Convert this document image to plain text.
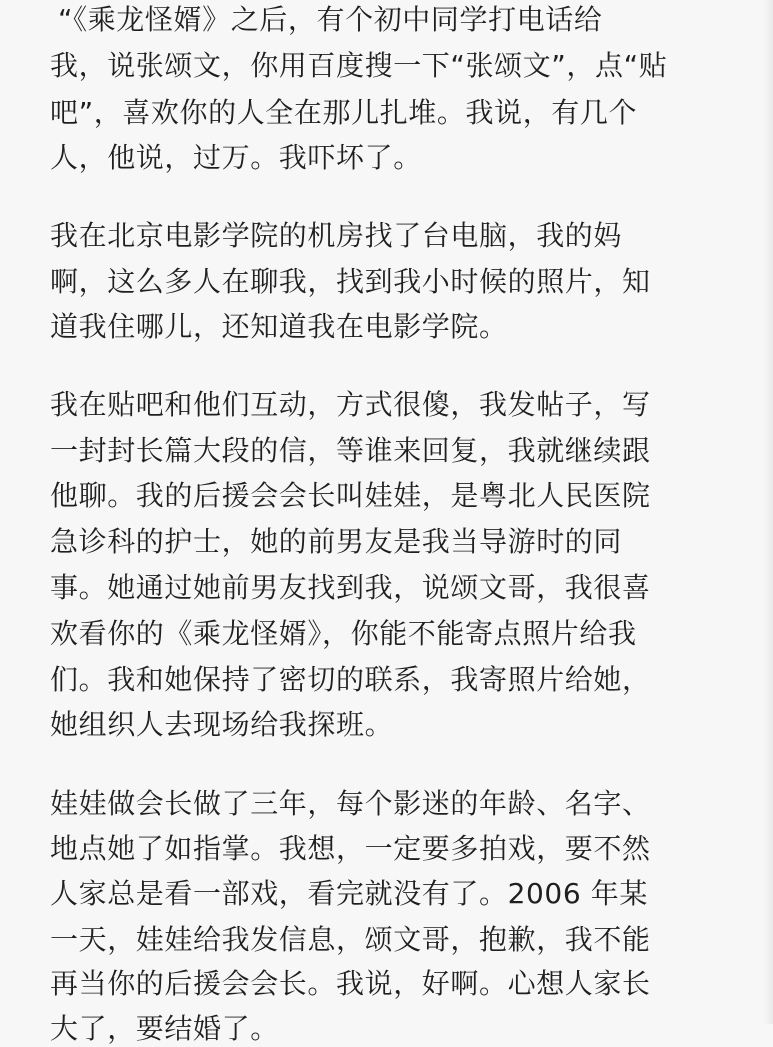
“《乘龙怪婿》之后，有个初中同学打电话给

我，说张颂文，你用百度搜一下“张颂文”，点“贴

吧”，喜欢你的人全在那儿扎堆。我说，有几个

人，他说，过万。我吓坏了。

我在北京电影学院的机房找了台电脑，我的妈

啊，这么多人在聊我，找到我小时候的照片，知

道我住哪儿，还知道我在电影学院。

我在贴吧和他们互动，方式很傻，我发帖子，写

一封封长篇大段的信，等谁来回复，我就继续跟

他聊。我的后援会会长叫娃娃，是粤北人民医院

急诊科的护士，她的前男友是我当导游时的同

事。她通过她前男友找到我，说颂文哥，我很喜

欢看你的《乘龙怪婿》，你能不能寄点照片给我

们。我和她保持了密切的联系，我寄照片给她，

她组织人去现场给我探班。

娃娃做会长做了三年，每个影迷的年龄、名字、

地点她了如指掌。我想，一定要多拍戏，要不然

人家总是看一部戏，看完就没有了。2006 年某

一天，娃娃给我发信息，颂文哥，抱歉，我不能

再当你的后援会会长。我说，好啊。心想人家长

大了，要结婚了。
